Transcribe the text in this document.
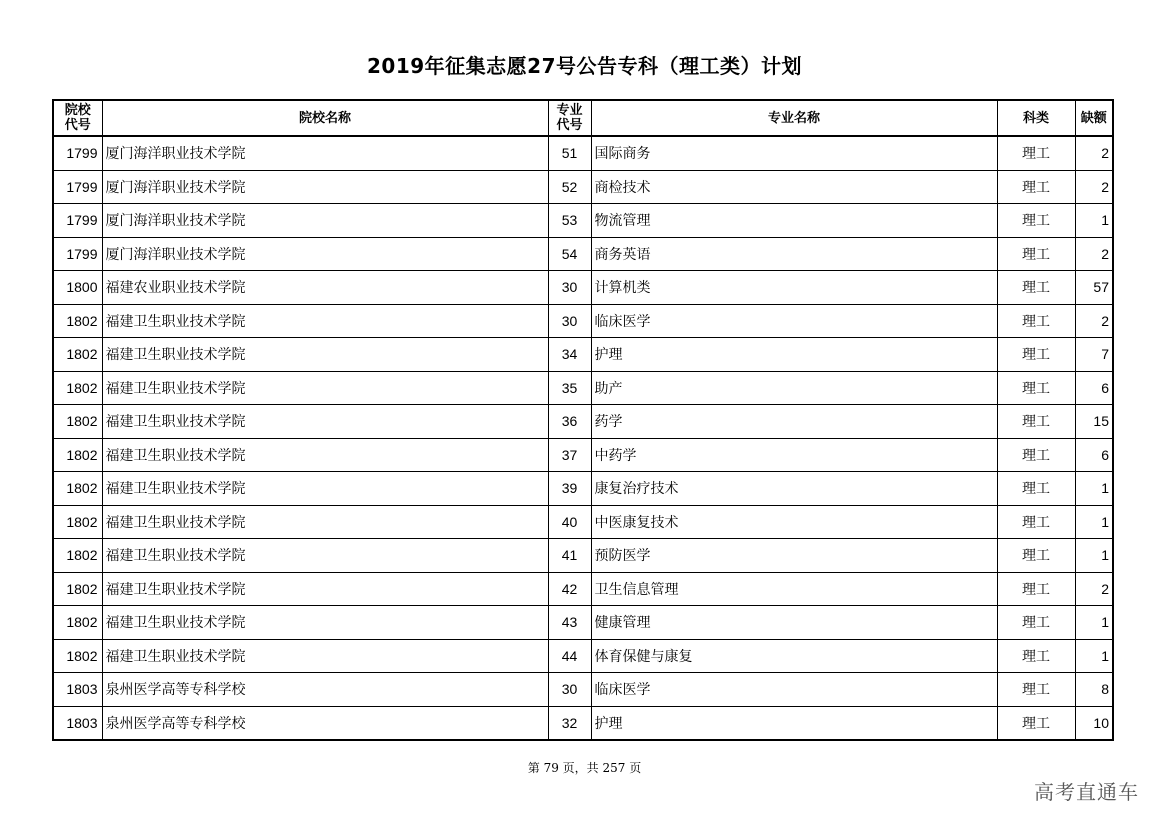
2019年征集志愿27号公告专科（理工类）计划
院校代号	院校名称	专业代号	专业名称	科类	缺额
1799	厦门海洋职业技术学院	51	国际商务	理工	2
1799	厦门海洋职业技术学院	52	商检技术	理工	2
1799	厦门海洋职业技术学院	53	物流管理	理工	1
1799	厦门海洋职业技术学院	54	商务英语	理工	2
1800	福建农业职业技术学院	30	计算机类	理工	57
1802	福建卫生职业技术学院	30	临床医学	理工	2
1802	福建卫生职业技术学院	34	护理	理工	7
1802	福建卫生职业技术学院	35	助产	理工	6
1802	福建卫生职业技术学院	36	药学	理工	15
1802	福建卫生职业技术学院	37	中药学	理工	6
1802	福建卫生职业技术学院	39	康复治疗技术	理工	1
1802	福建卫生职业技术学院	40	中医康复技术	理工	1
1802	福建卫生职业技术学院	41	预防医学	理工	1
1802	福建卫生职业技术学院	42	卫生信息管理	理工	2
1802	福建卫生职业技术学院	43	健康管理	理工	1
1802	福建卫生职业技术学院	44	体育保健与康复	理工	1
1803	泉州医学高等专科学校	30	临床医学	理工	8
1803	泉州医学高等专科学校	32	护理	理工	10
第 79 页，共 257 页
高考直通车
